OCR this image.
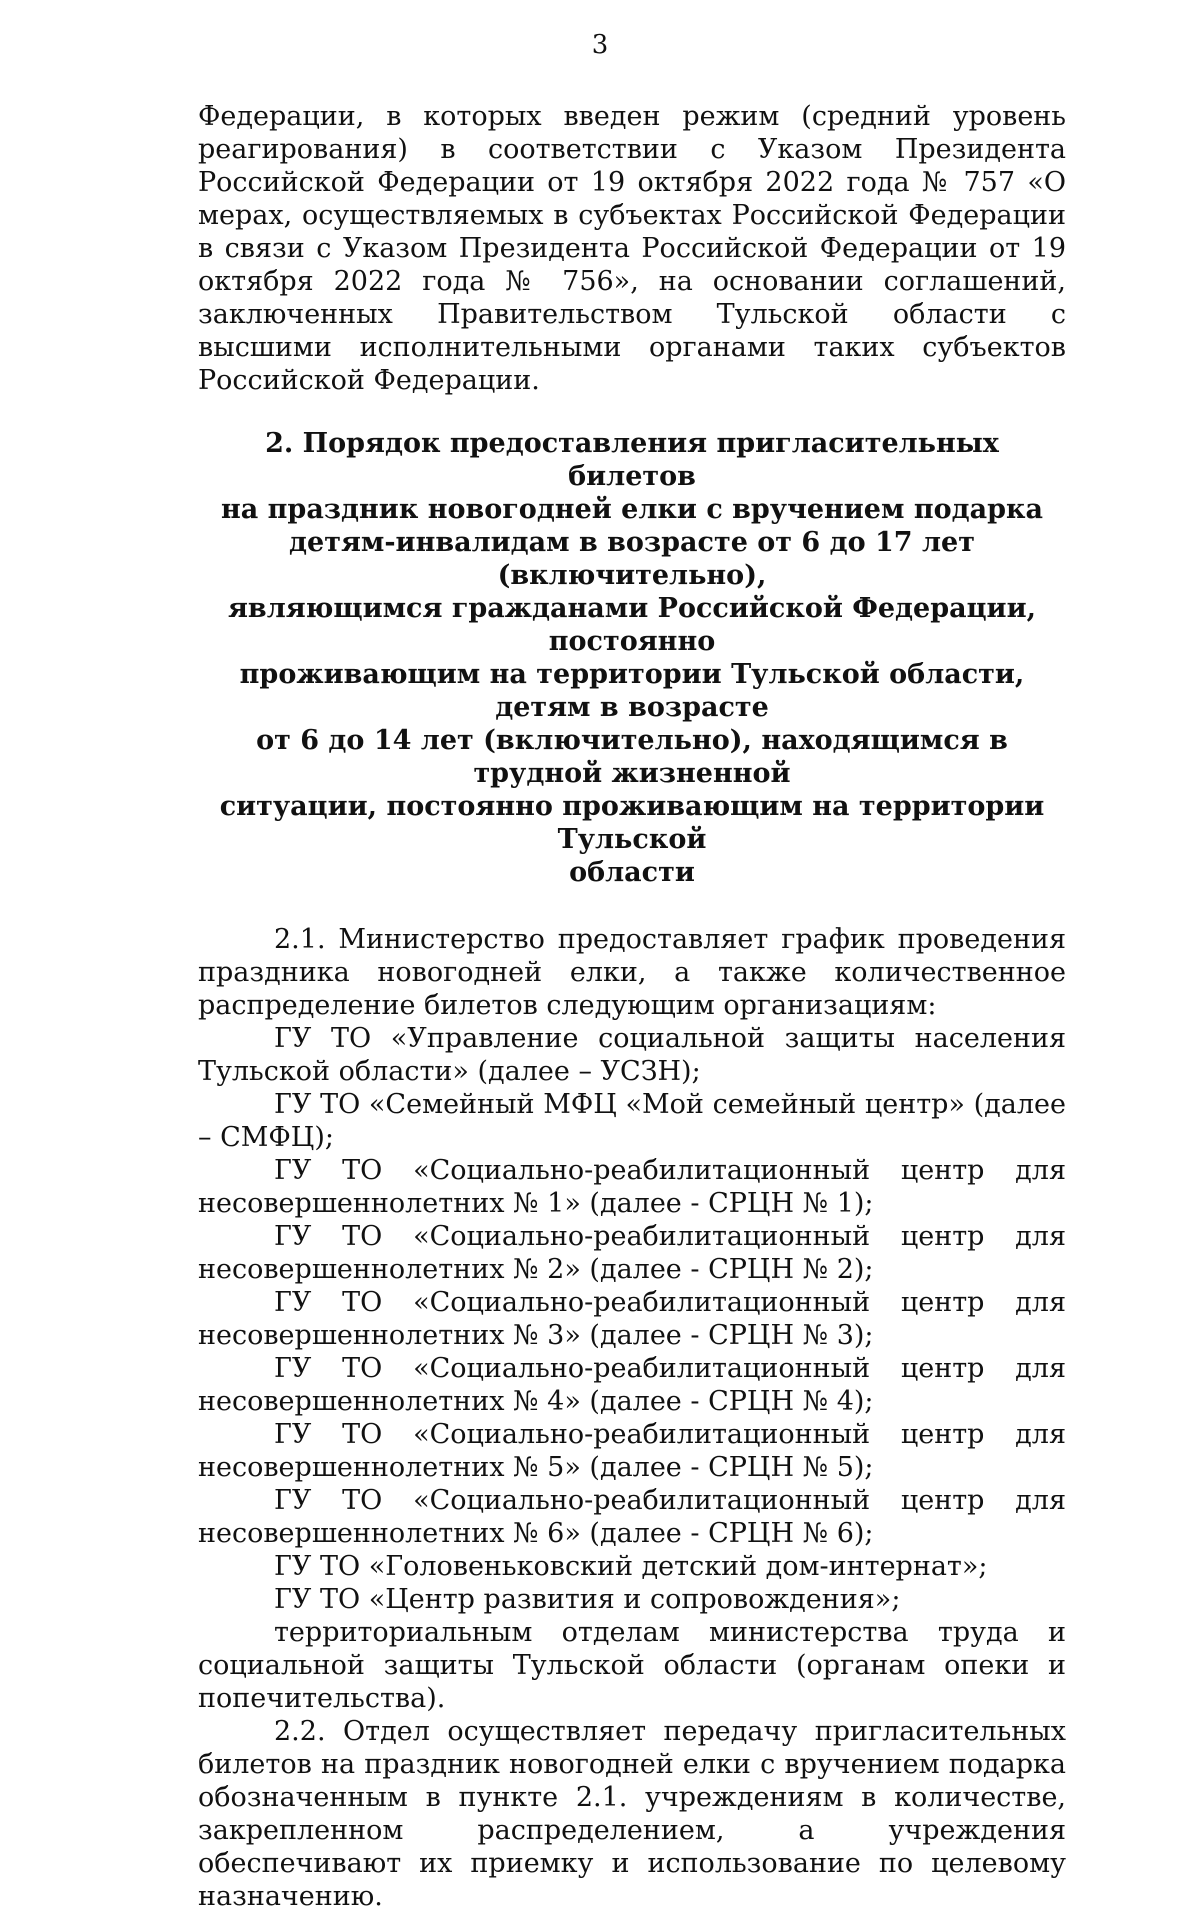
3

Федерации, в которых введен режим (средний уровень реагирования) в соответствии с Указом Президента Российской Федерации от 19 октября 2022 года № 757 «О мерах, осуществляемых в субъектах Российской Федерации в связи с Указом Президента Российской Федерации от 19 октября 2022 года № 756», на основании соглашений, заключенных Правительством Тульской области с высшими исполнительными органами таких субъектов Российской Федерации.

2. Порядок предоставления пригласительных билетов
на праздник новогодней елки с вручением подарка
детям-инвалидам в возрасте от 6 до 17 лет (включительно),
являющимся гражданами Российской Федерации, постоянно
проживающим на территории Тульской области, детям в возрасте
от 6 до 14 лет (включительно), находящимся в трудной жизненной
ситуации, постоянно проживающим на территории Тульской
области

2.1. Министерство предоставляет график проведения праздника новогодней елки, а также количественное распределение билетов следующим организациям:

ГУ ТО «Управление социальной защиты населения Тульской области» (далее – УСЗН);

ГУ ТО «Семейный МФЦ «Мой семейный центр» (далее – СМФЦ);

ГУ ТО «Социально-реабилитационный центр для несовершеннолетних № 1» (далее - СРЦН № 1);

ГУ ТО «Социально-реабилитационный центр для несовершеннолетних № 2» (далее - СРЦН № 2);

ГУ ТО «Социально-реабилитационный центр для несовершеннолетних № 3» (далее - СРЦН № 3);

ГУ ТО «Социально-реабилитационный центр для несовершеннолетних № 4» (далее - СРЦН № 4);

ГУ ТО «Социально-реабилитационный центр для несовершеннолетних № 5» (далее - СРЦН № 5);

ГУ ТО «Социально-реабилитационный центр для несовершеннолетних № 6» (далее - СРЦН № 6);

ГУ ТО «Головеньковский детский дом-интернат»;

ГУ ТО «Центр развития и сопровождения»;

территориальным отделам министерства труда и социальной защиты Тульской области (органам опеки и попечительства).

2.2. Отдел осуществляет передачу пригласительных билетов на праздник новогодней елки с вручением подарка обозначенным в пункте 2.1. учреждениям в количестве, закрепленном распределением, а учреждения обеспечивают их приемку и использование по целевому назначению.
